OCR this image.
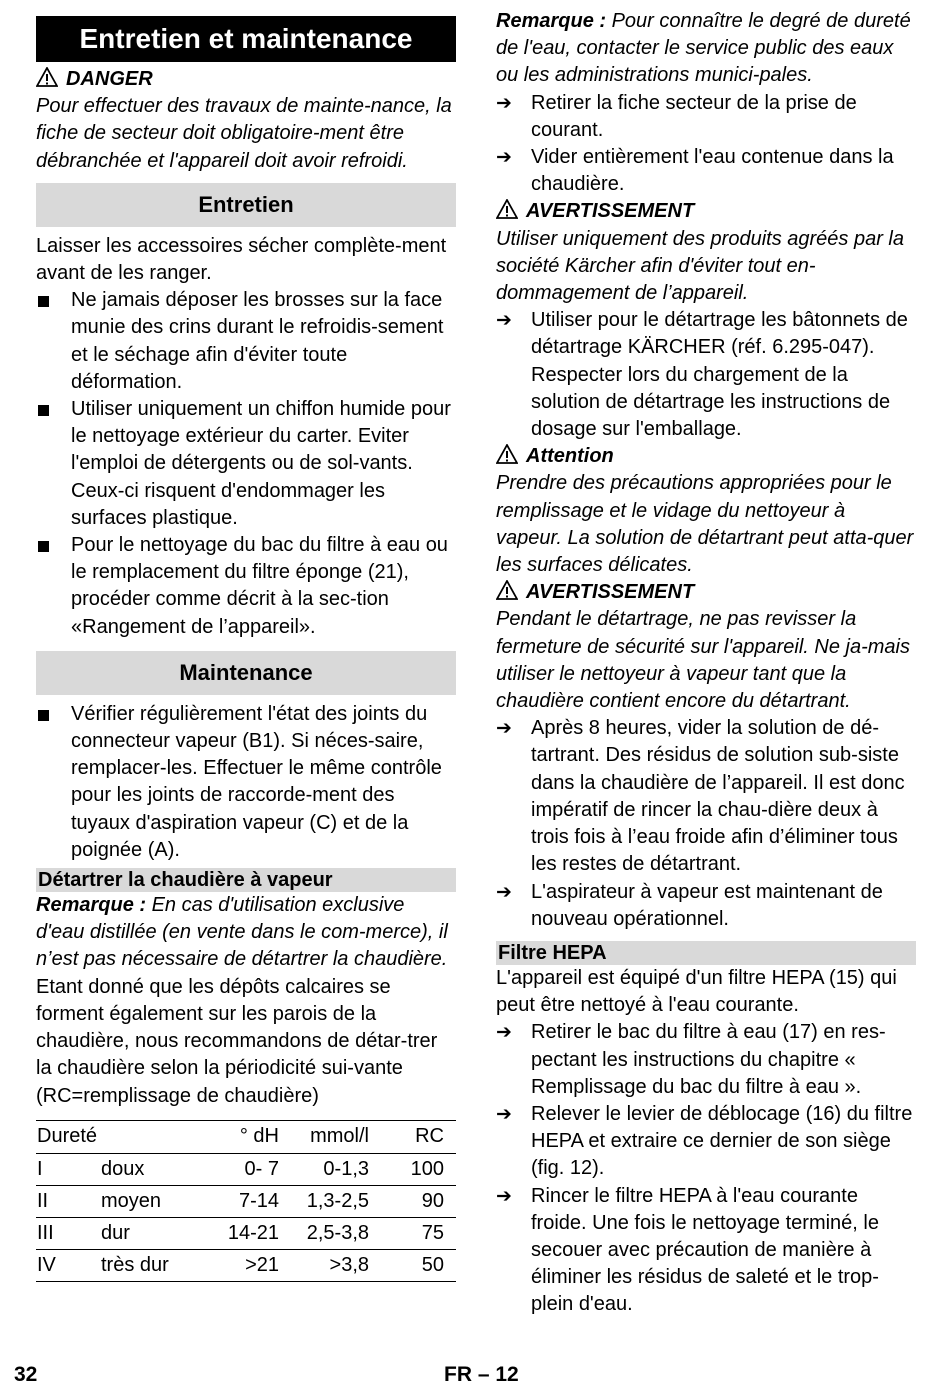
Entretien et maintenance
DANGER

Pour effectuer des travaux de mainte-nance, la fiche de secteur doit obligatoire-ment être débranchée et l'appareil doit avoir refroidi.

Entretien

Laisser les accessoires sécher complète-ment avant de les ranger.

Ne jamais déposer les brosses sur la face munie des crins durant le refroidis-sement et le séchage afin d'éviter toute déformation.
Utiliser uniquement un chiffon humide pour le nettoyage extérieur du carter. Eviter l'emploi de détergents ou de sol-vants. Ceux-ci risquent d'endommager les surfaces plastique.
Pour le nettoyage du bac du filtre à eau ou le remplacement du filtre éponge (21), procéder comme décrit à la sec-tion «Rangement de l’appareil».
Maintenance
Vérifier régulièrement l'état des joints du connecteur vapeur (B1). Si néces-saire, remplacer-les. Effectuer le même contrôle pour les joints de raccorde-ment des tuyaux d'aspiration vapeur (C) et de la poignée (A).
Détartrer la chaudière à vapeur

Remarque : En cas d'utilisation exclusive d'eau distillée (en vente dans le com-merce), il n’est pas nécessaire de détartrer la chaudière.

Etant donné que les dépôts calcaires se forment également sur les parois de la chaudière, nous recommandons de détar-trer la chaudière selon la périodicité sui-vante (RC=remplissage de chaudière)

Dureté		° dH	mmol/l	RC
I	doux	0- 7	0-1,3	100
II	moyen	7-14	1,3-2,5	90
III	dur	14-21	2,5-3,8	75
IV	très dur	>21	>3,8	50

Remarque : Pour connaître le degré de dureté de l'eau, contacter le service public des eaux ou les administrations munici-pales.

➔ Retirer la fiche secteur de la prise de courant.
➔ Vider entièrement l'eau contenue dans la chaudière.
AVERTISSEMENT

Utiliser uniquement des produits agréés par la société Kärcher afin d'éviter tout en-dommagement de l’appareil.

➔ Utiliser pour le détartrage les bâtonnets de détartrage KÄRCHER (réf. 6.295-047). Respecter lors du chargement de la solution de détartrage les instructions de dosage sur l'emballage.
Attention

Prendre des précautions appropriées pour le remplissage et le vidage du nettoyeur à vapeur. La solution de détartrant peut atta-quer les surfaces délicates.

AVERTISSEMENT

Pendant le détartrage, ne pas revisser la fermeture de sécurité sur l'appareil. Ne ja-mais utiliser le nettoyeur à vapeur tant que la chaudière contient encore du détartrant.

➔ Après 8 heures, vider la solution de dé-tartrant. Des résidus de solution sub-siste dans la chaudière de l’appareil. Il est donc impératif de rincer la chau-dière deux à trois fois à l’eau froide afin d’éliminer tous les restes de détartrant.
➔ L'aspirateur à vapeur est maintenant de nouveau opérationnel.
Filtre HEPA

L'appareil est équipé d'un filtre HEPA (15) qui peut être nettoyé à l'eau courante.

➔ Retirer le bac du filtre à eau (17) en res-pectant les instructions du chapitre « Remplissage du bac du filtre à eau ».
➔ Relever le levier de déblocage (16) du filtre HEPA et extraire ce dernier de son siège (fig. 12).
➔ Rincer le filtre HEPA à l'eau courante froide. Une fois le nettoyage terminé, le secouer avec précaution de manière à éliminer les résidus de saleté et le trop-plein d'eau.
32	FR – 12
